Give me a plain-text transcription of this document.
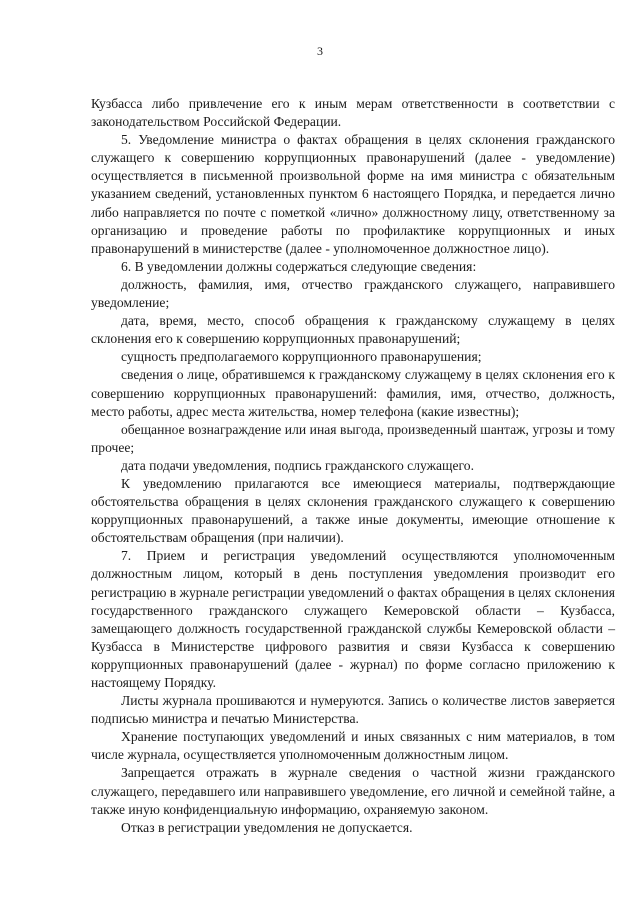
3

Кузбасса либо привлечение его к иным мерам ответственности в соответствии с законодательством Российской Федерации.

5. Уведомление министра о фактах обращения в целях склонения гражданского служащего к совершению коррупционных правонарушений (далее - уведомление) осуществляется в письменной произвольной форме на имя министра с обязательным указанием сведений, установленных пунктом 6 настоящего Порядка, и передается лично либо направляется по почте с пометкой «лично» должностному лицу, ответственному за организацию и проведение работы по профилактике коррупционных и иных правонарушений в министерстве (далее - уполномоченное должностное лицо).

6. В уведомлении должны содержаться следующие сведения:

должность, фамилия, имя, отчество гражданского служащего, направившего уведомление;

дата, время, место, способ обращения к гражданскому служащему в целях склонения его к совершению коррупционных правонарушений;

сущность предполагаемого коррупционного правонарушения;

сведения о лице, обратившемся к гражданскому служащему в целях склонения его к совершению коррупционных правонарушений: фамилия, имя, отчество, должность, место работы, адрес места жительства, номер телефона (какие известны);

обещанное вознаграждение или иная выгода, произведенный шантаж, угрозы и тому прочее;

дата подачи уведомления, подпись гражданского служащего.

К уведомлению прилагаются все имеющиеся материалы, подтверждающие обстоятельства обращения в целях склонения гражданского служащего к совершению коррупционных правонарушений, а также иные документы, имеющие отношение к обстоятельствам обращения (при наличии).

7. Прием и регистрация уведомлений осуществляются уполномоченным должностным лицом, который в день поступления уведомления производит его регистрацию в журнале регистрации уведомлений о фактах обращения в целях склонения государственного гражданского служащего Кемеровской области – Кузбасса, замещающего должность государственной гражданской службы Кемеровской области – Кузбасса в Министерстве цифрового развития и связи Кузбасса к совершению коррупционных правонарушений (далее - журнал) по форме согласно приложению к настоящему Порядку.

Листы журнала прошиваются и нумеруются. Запись о количестве листов заверяется подписью министра и печатью Министерства.

Хранение поступающих уведомлений и иных связанных с ним материалов, в том числе журнала, осуществляется уполномоченным должностным лицом.

Запрещается отражать в журнале сведения о частной жизни гражданского служащего, передавшего или направившего уведомление, его личной и семейной тайне, а также иную конфиденциальную информацию, охраняемую законом.

Отказ в регистрации уведомления не допускается.
